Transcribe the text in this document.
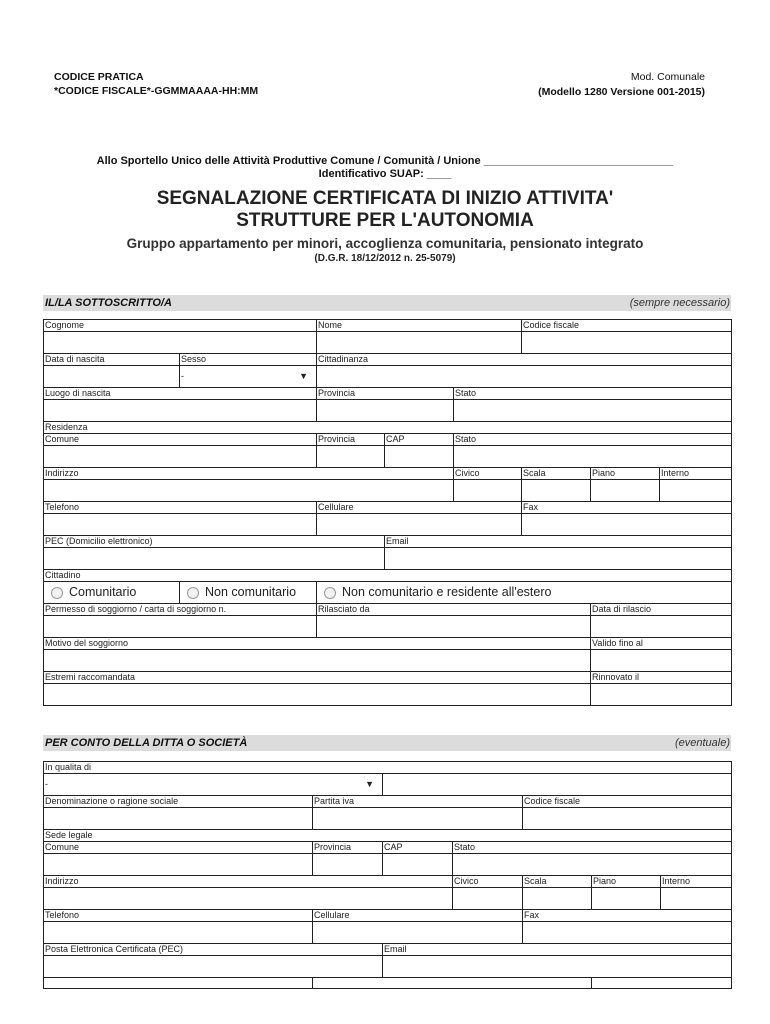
CODICE PRATICA
*CODICE FISCALE*-GGMMAAAA-HH:MM
Mod. Comunale
(Modello 1280 Versione 001-2015)
Allo Sportello Unico delle Attività Produttive Comune / Comunità / Unione _______________________________
Identificativo SUAP: ____
SEGNALAZIONE CERTIFICATA DI INIZIO ATTIVITA'
STRUTTURE PER L'AUTONOMIA
Gruppo appartamento per minori, accoglienza comunitaria, pensionato integrato
(D.G.R. 18/12/2012 n. 25-5079)
IL/LA SOTTOSCRITTO/A	(sempre necessario)
Cognome		Nome			Codice fiscale		

Data di nascita	Sesso	Cittadinanza					
	- ▼						

Luogo di nascita		Provincia		Stato			

Residenza							
Comune		Provincia	CAP	Stato			

Indirizzo				Civico	Scala	Piano	Interno

Telefono		Cellulare			Fax		

PEC (Domicilio elettronico)			Email				

Cittadino							
Comunitario	Non comunitario	Non comunitario e residente all'estero					
Permesso di soggiorno / carta di soggiorno n.		Rilasciato da				Data di rilascio	

Motivo del soggiorno						Valido fino al	

Estremi raccomandata						Rinnovato il	

PER CONTO DELLA DITTA O SOCIETÀ	(eventuale)
In qualita di						
- ▼						

Denominazione o ragione sociale	Partita iva			Codice fiscale		

Sede legale						
Comune	Provincia	CAP	Stato			

Indirizzo			Civico	Scala	Piano	Interno

Telefono	Cellulare			Fax		

Posta Elettronica Certificata (PEC)		Email				
